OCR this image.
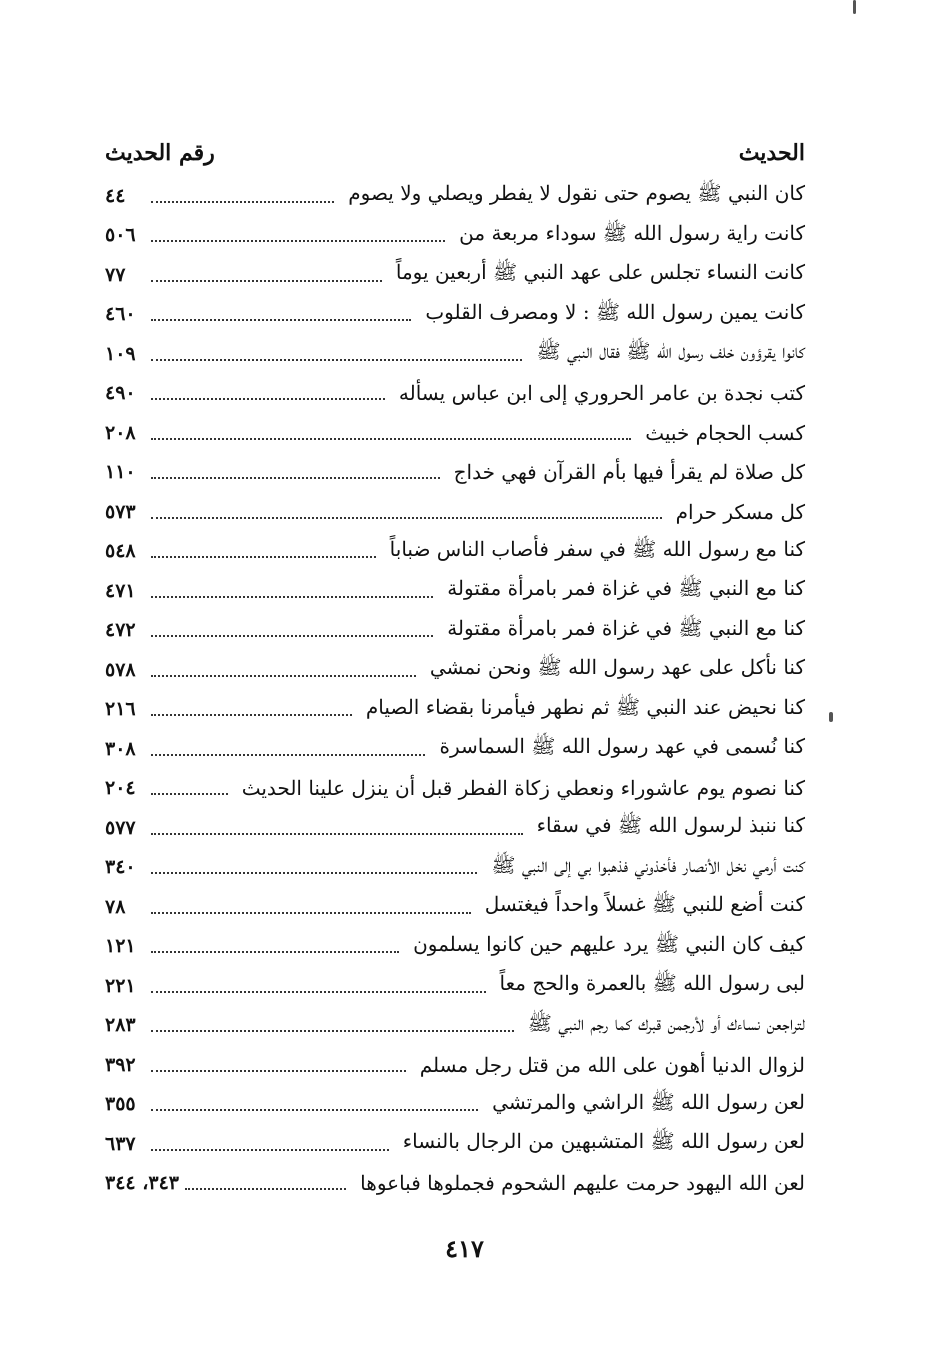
الحديث
رقم الحديث
كان النبي ﷺ يصوم حتى نقول لا يفطر ويصلي ولا يصوم
٤٤
كانت راية رسول الله ﷺ سوداء مربعة من
٥٠٦
كانت النساء تجلس على عهد النبي ﷺ أربعين يوماً
٧٧
كانت يمين رسول الله ﷺ : لا ومصرف القلوب
٤٦٠
كانوا يقرؤون خلف رسول الله ﷺ فقال النبي ﷺ
١٠٩
كتب نجدة بن عامر الحروري إلى ابن عباس يسأله
٤٩٠
كسب الحجام خبيث
٢٠٨
كل صلاة لم يقرأ فيها بأم القرآن فهي خداج
١١٠
كل مسكر حرام
٥٧٣
كنا مع رسول الله ﷺ في سفر فأصاب الناس ضباباً
٥٤٨
كنا مع النبي ﷺ في غزاة فمر بامرأة مقتولة
٤٧١
كنا مع النبي ﷺ في غزاة فمر بامرأة مقتولة
٤٧٢
كنا نأكل على عهد رسول الله ﷺ ونحن نمشي
٥٧٨
كنا نحيض عند النبي ﷺ ثم نطهر فيأمرنا بقضاء الصيام
٢١٦
كنا نُسمى في عهد رسول الله ﷺ السماسرة
٣٠٨
كنا نصوم يوم عاشوراء ونعطي زكاة الفطر قبل أن ينزل علينا الحديث
٢٠٤
كنا ننبذ لرسول الله ﷺ في سقاء
٥٧٧
كنت أرمي نخل الأنصار فأخذوني فذهبوا بي إلى النبي ﷺ
٣٤٠
كنت أضع للنبي ﷺ غسلاً واحداً فيغتسل
٧٨
كيف كان النبي ﷺ يرد عليهم حين كانوا يسلمون
١٢١
لبى رسول الله ﷺ بالعمرة والحج معاً
٢٢١
لتراجعن نساءك أو لأرجمن قبرك كما رجم النبي ﷺ
٢٨٣
لزوال الدنيا أهون على الله من قتل رجل مسلم
٣٩٢
لعن رسول الله ﷺ الراشي والمرتشي
٣٥٥
لعن رسول الله ﷺ المتشبهين من الرجال بالنساء
٦٣٧
لعن الله اليهود حرمت عليهم الشحوم فجملوها فباعوها
٣٤٣، ٣٤٤
٤١٧
